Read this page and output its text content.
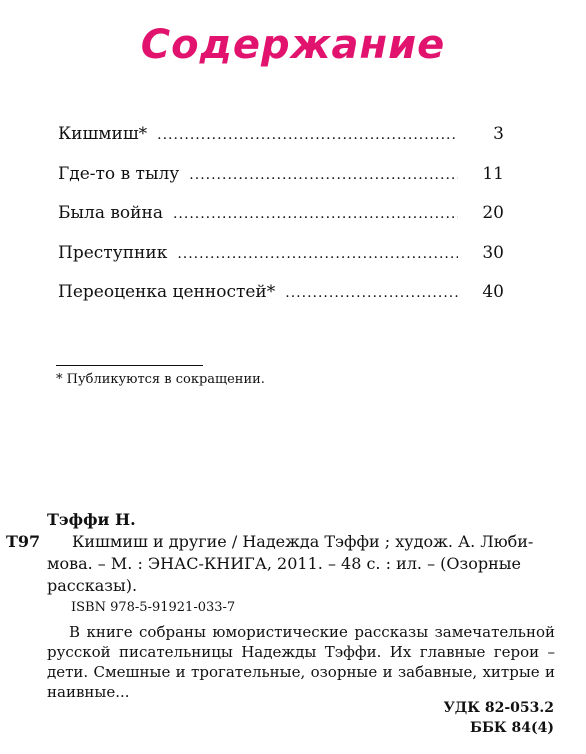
Содержание
Кишмиш* .....	3
Где-то в тылу .....	11
Была война .....	20
Преступник .....	30
Переоценка ценностей* .....	40
* Публикуются в сокращении.
Тэффи Н.
Т97 Кишмиш и другие / Надежда Тэффи ; худож. А. Люби-

мова. – М. : ЭНАС-КНИГА, 2011. – 48 с. : ил. – (Озорные

рассказы).

ISBN 978-5-91921-033-7
В книге собраны юмористические рассказы замечательной русской писательницы Надежды Тэффи. Их главные герои – дети. Смешные и трогательные, озорные и забавные, хитрые и наивные...
УДК 82-053.2
ББК 84(4)
